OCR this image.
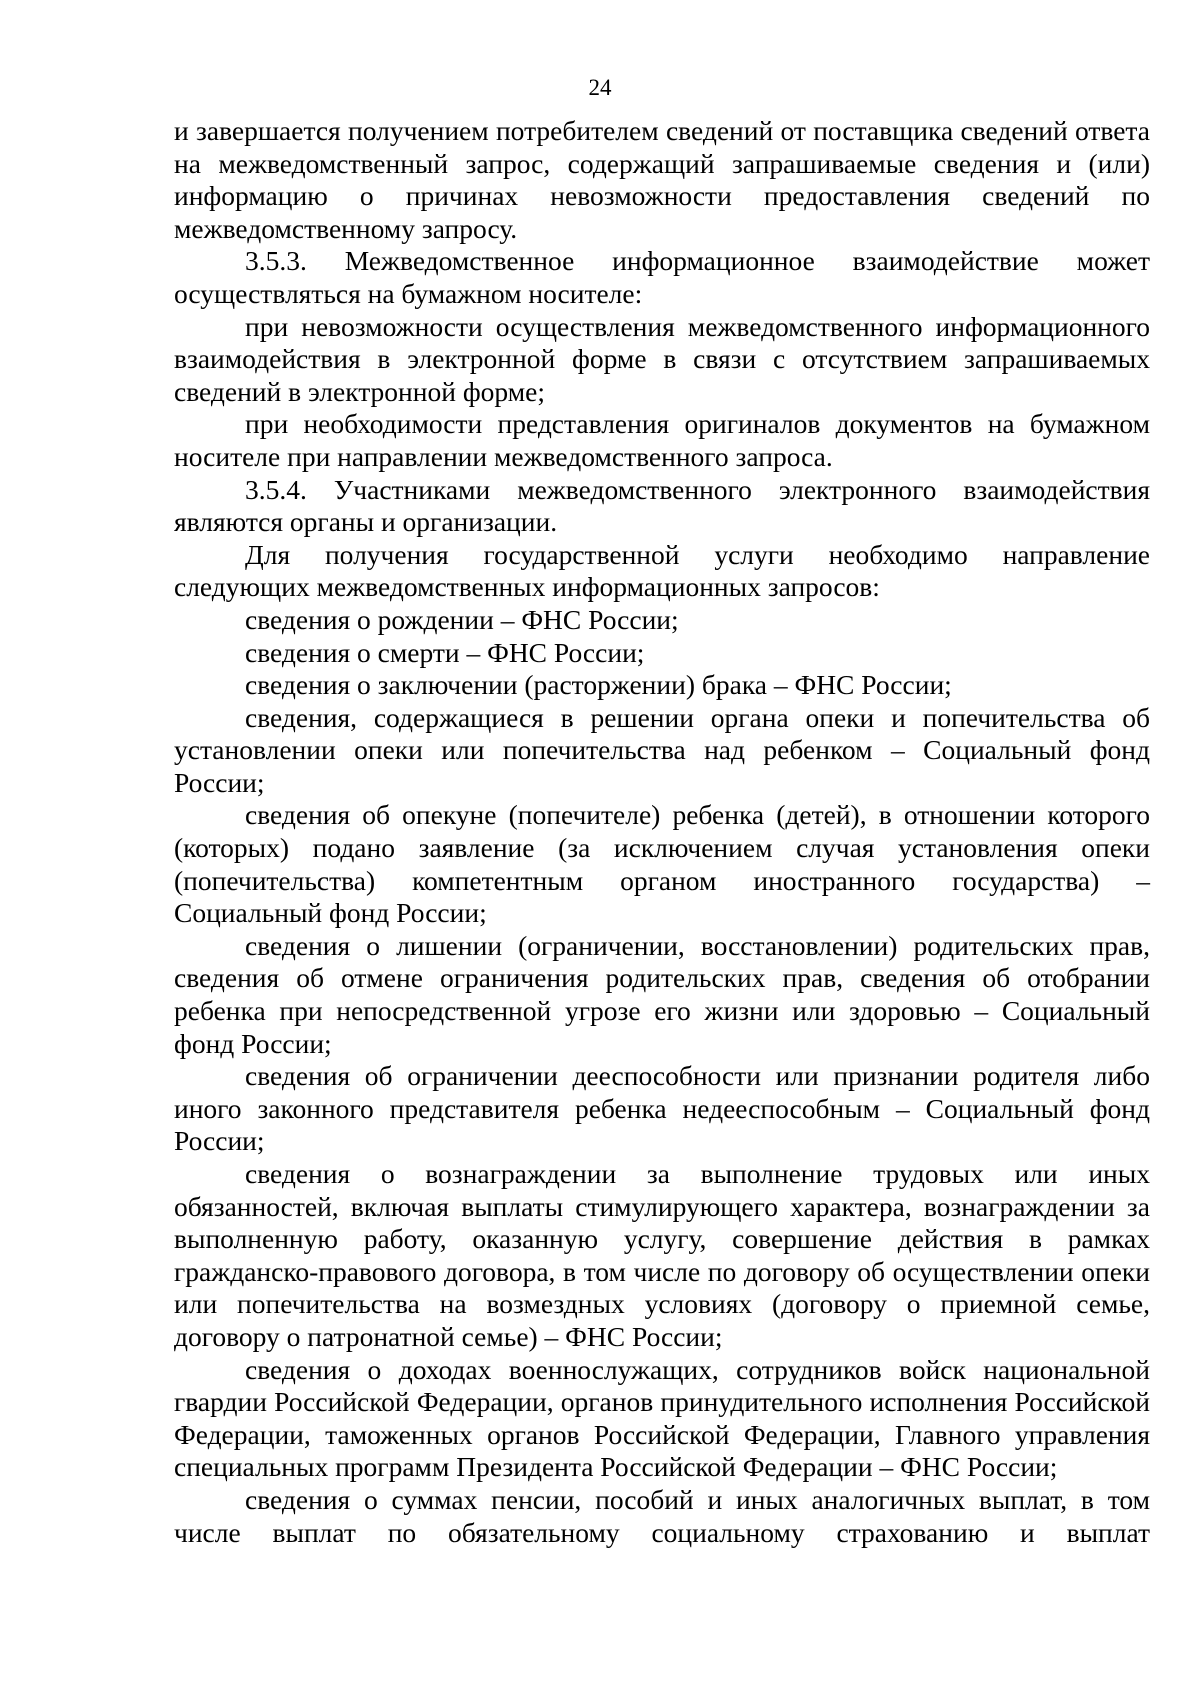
24

и завершается получением потребителем сведений от поставщика сведений ответа на межведомственный запрос, содержащий запрашиваемые сведения и (или) информацию о причинах невозможности предоставления сведений по межведомственному запросу.

3.5.3. Межведомственное информационное взаимодействие может осуществляться на бумажном носителе:

при невозможности осуществления межведомственного информационного взаимодействия в электронной форме в связи с отсутствием запрашиваемых сведений в электронной форме;

при необходимости представления оригиналов документов на бумажном носителе при направлении межведомственного запроса.

3.5.4. Участниками межведомственного электронного взаимодействия являются органы и организации.

Для получения государственной услуги необходимо направление следующих межведомственных информационных запросов:

сведения о рождении – ФНС России;

сведения о смерти – ФНС России;

сведения о заключении (расторжении) брака – ФНС России;

сведения, содержащиеся в решении органа опеки и попечительства об установлении опеки или попечительства над ребенком – Социальный фонд России;

сведения об опекуне (попечителе) ребенка (детей), в отношении которого (которых) подано заявление (за исключением случая установления опеки (попечительства) компетентным органом иностранного государства) – Социальный фонд России;

сведения о лишении (ограничении, восстановлении) родительских прав, сведения об отмене ограничения родительских прав, сведения об отобрании ребенка при непосредственной угрозе его жизни или здоровью – Социальный фонд России;

сведения об ограничении дееспособности или признании родителя либо иного законного представителя ребенка недееспособным – Социальный фонд России;

сведения о вознаграждении за выполнение трудовых или иных обязанностей, включая выплаты стимулирующего характера, вознаграждении за выполненную работу, оказанную услугу, совершение действия в рамках гражданско-правового договора, в том числе по договору об осуществлении опеки или попечительства на возмездных условиях (договору о приемной семье, договору о патронатной семье) – ФНС России;

сведения о доходах военнослужащих, сотрудников войск национальной гвардии Российской Федерации, органов принудительного исполнения Российской Федерации, таможенных органов Российской Федерации, Главного управления специальных программ Президента Российской Федерации – ФНС России;

сведения о суммах пенсии, пособий и иных аналогичных выплат, в том числе выплат по обязательному социальному страхованию и выплат
